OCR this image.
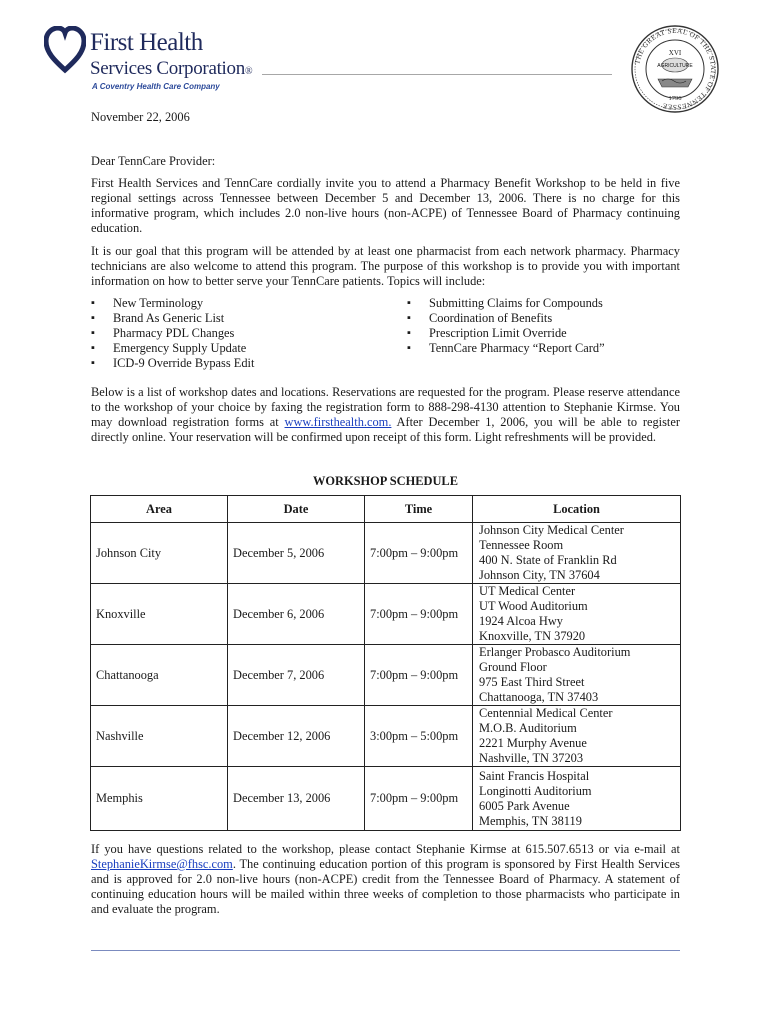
First Health
Services Corporation®
A Coventry Health Care Company
THE GREAT SEAL OF THE STATE OF TENNESSEE
XVI
AGRICULTURE
1796
November 22, 2006
Dear TennCare Provider:
First Health Services and TennCare cordially invite you to attend a Pharmacy Benefit Workshop to be held in five regional settings across Tennessee between December 5 and December 13, 2006. There is no charge for this informative program, which includes 2.0 non-live hours (non-ACPE) of Tennessee Board of Pharmacy continuing education.
It is our goal that this program will be attended by at least one pharmacist from each network pharmacy. Pharmacy technicians are also welcome to attend this program. The purpose of this workshop is to provide you with important information on how to better serve your TennCare patients. Topics will include:
▪ New Terminology
▪ Brand As Generic List
▪ Pharmacy PDL Changes
▪ Emergency Supply Update
▪ ICD-9 Override Bypass Edit
▪ Submitting Claims for Compounds
▪ Coordination of Benefits
▪ Prescription Limit Override
▪ TennCare Pharmacy “Report Card”
Below is a list of workshop dates and locations. Reservations are requested for the program. Please reserve attendance to the workshop of your choice by faxing the registration form to 888-298-4130 attention to Stephanie Kirmse. You may download registration forms at www.firsthealth.com. After December 1, 2006, you will be able to register directly online. Your reservation will be confirmed upon receipt of this form. Light refreshments will be provided.
WORKSHOP SCHEDULE
Area	Date	Time	Location
Johnson City	December 5, 2006	7:00pm – 9:00pm	Johnson City Medical Center
Tennessee Room
400 N. State of Franklin Rd
Johnson City, TN 37604

Knoxville	December 6, 2006	7:00pm – 9:00pm	UT Medical Center
UT Wood Auditorium
1924 Alcoa Hwy
Knoxville, TN 37920

Chattanooga	December 7, 2006	7:00pm – 9:00pm	Erlanger Probasco Auditorium
Ground Floor
975 East Third Street
Chattanooga, TN 37403

Nashville	December 12, 2006	3:00pm – 5:00pm	Centennial Medical Center
M.O.B. Auditorium
2221 Murphy Avenue
Nashville, TN 37203

Memphis	December 13, 2006	7:00pm – 9:00pm	Saint Francis Hospital
Longinotti Auditorium
6005 Park Avenue
Memphis, TN 38119
If you have questions related to the workshop, please contact Stephanie Kirmse at 615.507.6513 or via e-mail at StephanieKirmse@fhsc.com. The continuing education portion of this program is sponsored by First Health Services and is approved for 2.0 non-live hours (non-ACPE) credit from the Tennessee Board of Pharmacy. A statement of continuing education hours will be mailed within three weeks of completion to those pharmacists who participate in and evaluate the program.
